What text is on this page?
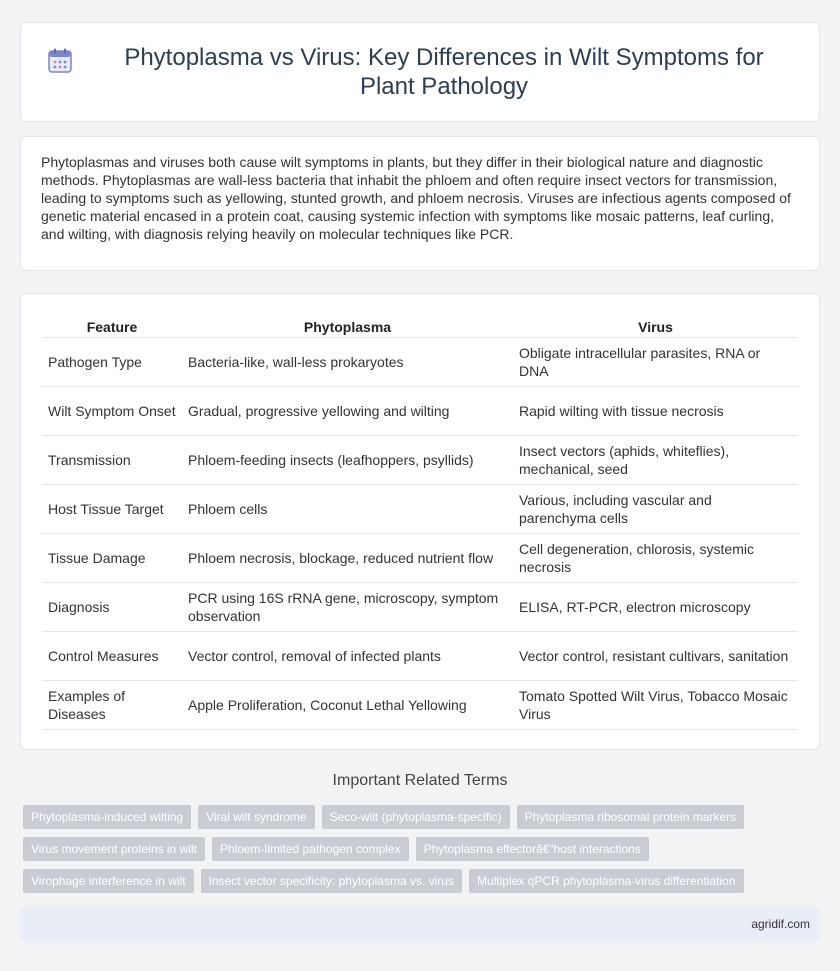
Phytoplasma vs Virus: Key Differences in Wilt Symptoms for Plant Pathology

Phytoplasmas and viruses both cause wilt symptoms in plants, but they differ in their biological nature and diagnostic methods. Phytoplasmas are wall-less bacteria that inhabit the phloem and often require insect vectors for transmission, leading to symptoms such as yellowing, stunted growth, and phloem necrosis. Viruses are infectious agents composed of genetic material encased in a protein coat, causing systemic infection with symptoms like mosaic patterns, leaf curling, and wilting, with diagnosis relying heavily on molecular techniques like PCR.

Feature	Phytoplasma	Virus
Pathogen Type	Bacteria-like, wall-less prokaryotes	Obligate intracellular parasites, RNA or DNA
Wilt Symptom Onset	Gradual, progressive yellowing and wilting	Rapid wilting with tissue necrosis
Transmission	Phloem-feeding insects (leafhoppers, psyllids)	Insect vectors (aphids, whiteflies), mechanical, seed
Host Tissue Target	Phloem cells	Various, including vascular and parenchyma cells
Tissue Damage	Phloem necrosis, blockage, reduced nutrient flow	Cell degeneration, chlorosis, systemic necrosis
Diagnosis	PCR using 16S rRNA gene, microscopy, symptom observation	ELISA, RT-PCR, electron microscopy
Control Measures	Vector control, removal of infected plants	Vector control, resistant cultivars, sanitation
Examples of Diseases	Apple Proliferation, Coconut Lethal Yellowing	Tomato Spotted Wilt Virus, Tobacco Mosaic Virus
Important Related Terms
Phytoplasma-induced wilting	Viral wilt syndrome	Seco-wilt (phytoplasma-specific)	Phytoplasma ribosomal protein markers
Virus movement proteins in wilt	Phloem-limited pathogen complex	Phytoplasma effectorâ€“host interactions
Virophage interference in wilt	Insect vector specificity: phytoplasma vs. virus	Multiplex qPCR phytoplasma-virus differentiation
agridif.com
